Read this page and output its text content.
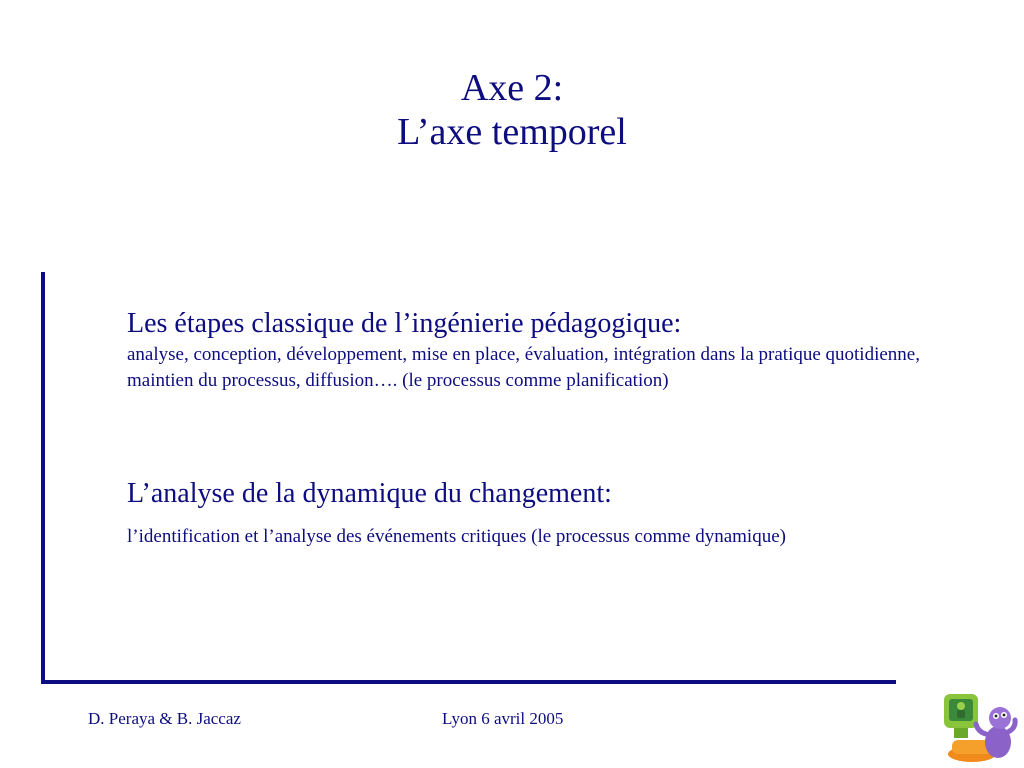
Axe 2:
L’axe temporel
Les étapes classique de l’ingénierie pédagogique:
analyse, conception, développement, mise en place, évaluation, intégration dans la pratique quotidienne, maintien du processus, diffusion…. (le processus comme planification)
L’analyse de la dynamique du changement:
l’identification et l’analyse des événements critiques (le processus comme dynamique)
D. Peraya & B. Jaccaz	Lyon 6 avril 2005
